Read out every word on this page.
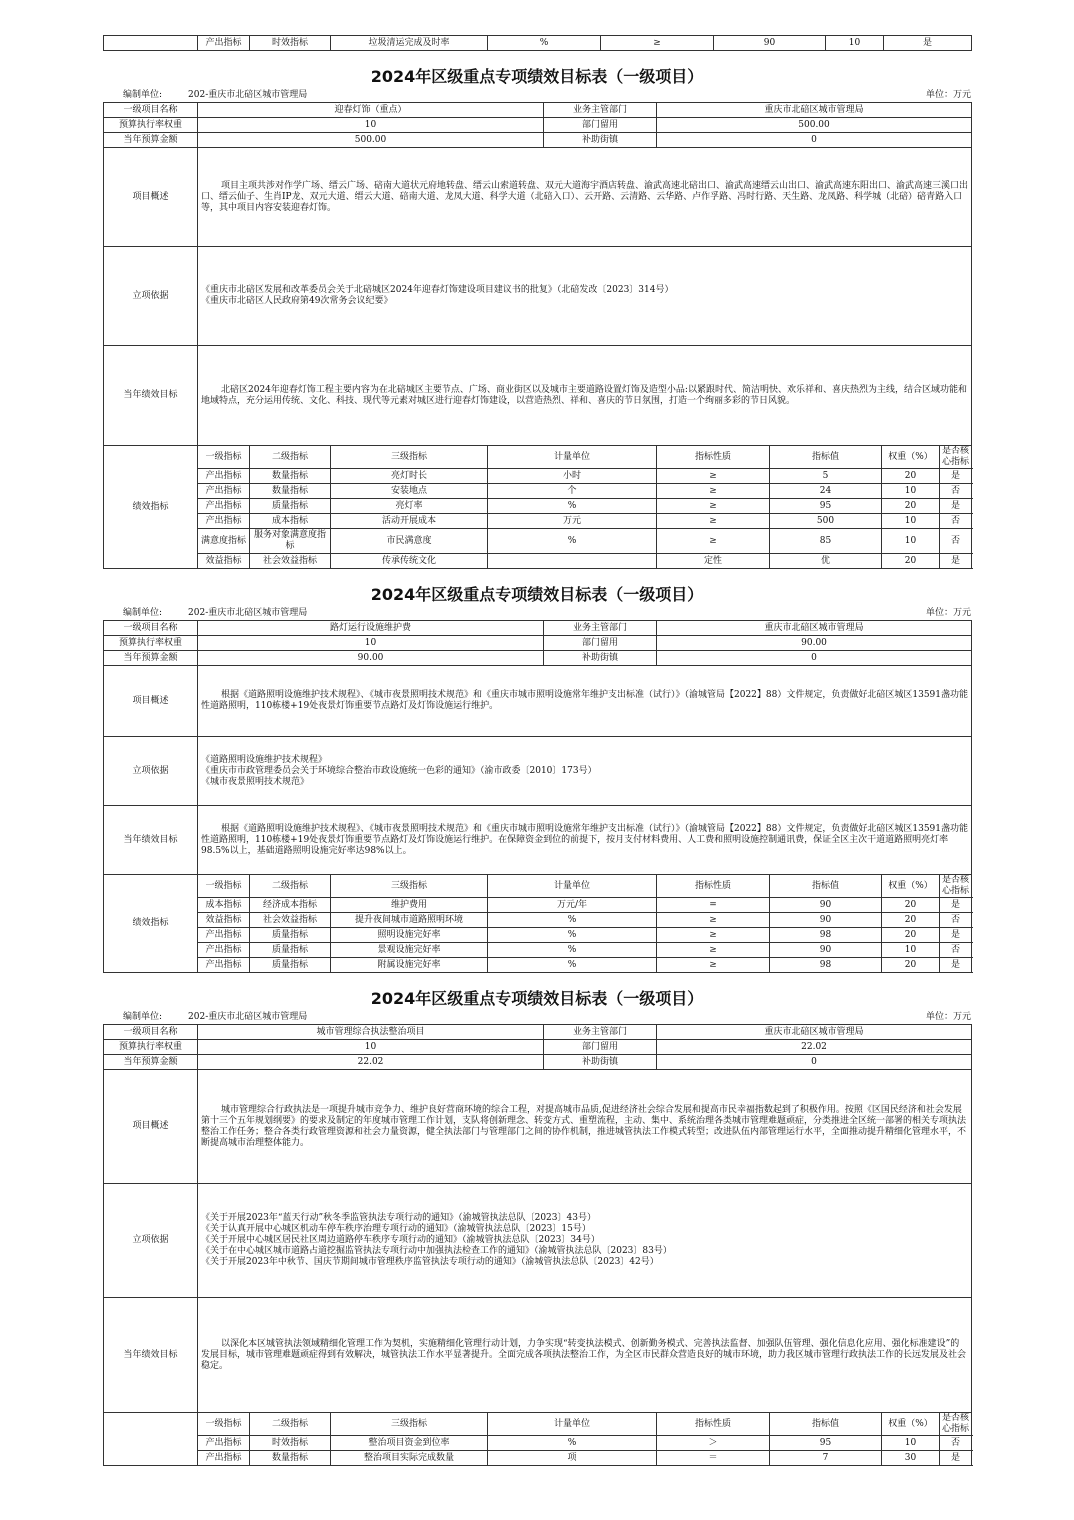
	产出指标	时效指标	垃圾清运完成及时率	%	≥	90	10	是
2024年区级重点专项绩效目标表（一级项目）
编制单位:	202-重庆市北碚区城市管理局	单位：万元
一级项目名称	迎春灯饰（重点）				业务主管部门	重庆市北碚区城市管理局			
预算执行率权重	10				部门留用	500.00			
当年预算金额	500.00				补助街镇	0			
项目概述	项目主项共涉对作学广场、缙云广场、碚南大道状元府地转盘、缙云山索道转盘、双元大道海宇酒店转盘、渝武高速北碚出口、渝武高速缙云山出口、渝武高速东阳出口、渝武高速三溪口出口、缙云仙子、生肖IP龙、双元大道、缙云大道、碚南大道、龙凤大道、科学大道（北碚入口）、云开路、云清路、云华路、卢作孚路、冯时行路、天生路、龙凤路、科学城（北碚）碚青路入口等，其中项目内容安装迎春灯饰。								

立项依据	《重庆市北碚区发展和改革委员会关于北碚城区2024年迎春灯饰建设项目建议书的批复》（北碚发改〔2023〕314号）
《重庆市北碚区人民政府第49次常务会议纪要》								

当年绩效目标	北碚区2024年迎春灯饰工程主要内容为在北碚城区主要节点、广场、商业街区以及城市主要道路设置灯饰及造型小品:以紧跟时代、简洁明快、欢乐祥和、喜庆热烈为主线，结合区域功能和地域特点，充分运用传统、文化、科技、现代等元素对城区进行迎春灯饰建设，以营造热烈、祥和、喜庆的节日氛围，打造一个绚丽多彩的节日风貌。								

绩效指标	一级指标	二级指标	三级指标	计量单位		指标性质	指标值	权重（%）	是否核心指标
	产出指标	数量指标	亮灯时长	小时		≥	5	20	是
	产出指标	数量指标	安装地点	个		≥	24	10	否
	产出指标	质量指标	亮灯率	%		≥	95	20	是
	产出指标	成本指标	活动开展成本	万元		≥	500	10	否
	满意度指标	服务对象满意度指标	市民满意度	%		≥	85	10	否
	效益指标	社会效益指标	传承传统文化			定性	优	20	是
2024年区级重点专项绩效目标表（一级项目）
编制单位:	202-重庆市北碚区城市管理局	单位：万元
一级项目名称	路灯运行设施维护费				业务主管部门	重庆市北碚区城市管理局			
预算执行率权重	10				部门留用	90.00			
当年预算金额	90.00				补助街镇	0			
项目概述	根据《道路照明设施维护技术规程》、《城市夜景照明技术规范》和《重庆市城市照明设施常年维护支出标准（试行）》（渝城管局【2022】88）文件规定，负责做好北碚区城区13591盏功能性道路照明，110栋楼+19处夜景灯饰重要节点路灯及灯饰设施运行维护。								

立项依据	《道路照明设施维护技术规程》
《重庆市市政管理委员会关于环境综合整治市政设施统一色彩的通知》（渝市政委〔2010〕173号）
《城市夜景照明技术规范》								

当年绩效目标	根据《道路照明设施维护技术规程》、《城市夜景照明技术规范》和《重庆市城市照明设施常年维护支出标准（试行）》（渝城管局【2022】88）文件规定，负责做好北碚区城区13591盏功能性道路照明，110栋楼+19处夜景灯饰重要节点路灯及灯饰设施运行维护。在保障资金到位的前提下，按月支付材料费用、人工费和照明设施控制通讯费，保证全区主次干道道路照明亮灯率98.5%以上，基础道路照明设施完好率达98%以上。								

绩效指标	一级指标	二级指标	三级指标	计量单位		指标性质	指标值	权重（%）	是否核心指标
	成本指标	经济成本指标	维护费用	万元/年		=	90	20	是
	效益指标	社会效益指标	提升夜间城市道路照明环境	%		≥	90	20	否
	产出指标	质量指标	照明设施完好率	%		≥	98	20	是
	产出指标	质量指标	景观设施完好率	%		≥	90	10	否
	产出指标	质量指标	附属设施完好率	%		≥	98	20	是
2024年区级重点专项绩效目标表（一级项目）
编制单位:	202-重庆市北碚区城市管理局	单位：万元
一级项目名称	城市管理综合执法整治项目				业务主管部门	重庆市北碚区城市管理局			
预算执行率权重	10				部门留用	22.02			
当年预算金额	22.02				补助街镇	0			
项目概述	城市管理综合行政执法是一项提升城市竞争力、维护良好营商环境的综合工程，对提高城市品质,促进经济社会综合发展和提高市民幸福指数起到了积极作用。按照《区国民经济和社会发展第十三个五年规划纲要》的要求及制定的年度城市管理工作计划，支队将创新理念、转变方式、重塑流程，主动、集中、系统治理各类城市管理难题顽症，分类推进全区统一部署的相关专项执法整治工作任务；整合各类行政管理资源和社会力量资源，健全执法部门与管理部门之间的协作机制，推进城管执法工作模式转型；改进队伍内部管理运行水平，全面推动提升精细化管理水平，不断提高城市治理整体能力。								

立项依据	《关于开展2023年“蓝天行动”秋冬季监管执法专项行动的通知》（渝城管执法总队〔2023〕43号）
《关于认真开展中心城区机动车停车秩序治理专项行动的通知》（渝城管执法总队〔2023〕15号）
《关于开展中心城区居民社区周边道路停车秩序专项行动的通知》（渝城管执法总队〔2023〕34号）
《关于在中心城区城市道路占道挖掘监管执法专项行动中加强执法检查工作的通知》（渝城管执法总队〔2023〕83号）
《关于开展2023年中秋节、国庆节期间城市管理秩序监管执法专项行动的通知》（渝城管执法总队〔2023〕42号）								

当年绩效目标	以深化本区城管执法领域精细化管理工作为契机，实施精细化管理行动计划，力争实现“转变执法模式、创新勤务模式、完善执法监督、加强队伍管理、强化信息化应用、强化标准建设”的发展目标，城市管理难题顽症得到有效解决，城管执法工作水平显著提升。全面完成各项执法整治工作，为全区市民群众营造良好的城市环境，助力我区城市管理行政执法工作的长远发展及社会稳定。								

	一级指标	二级指标	三级指标	计量单位		指标性质	指标值	权重（%）	是否核心指标
	产出指标	时效指标	整治项目资金到位率	%		＞	95	10	否
	产出指标	数量指标	整治项目实际完成数量	项		＝	7	30	是
